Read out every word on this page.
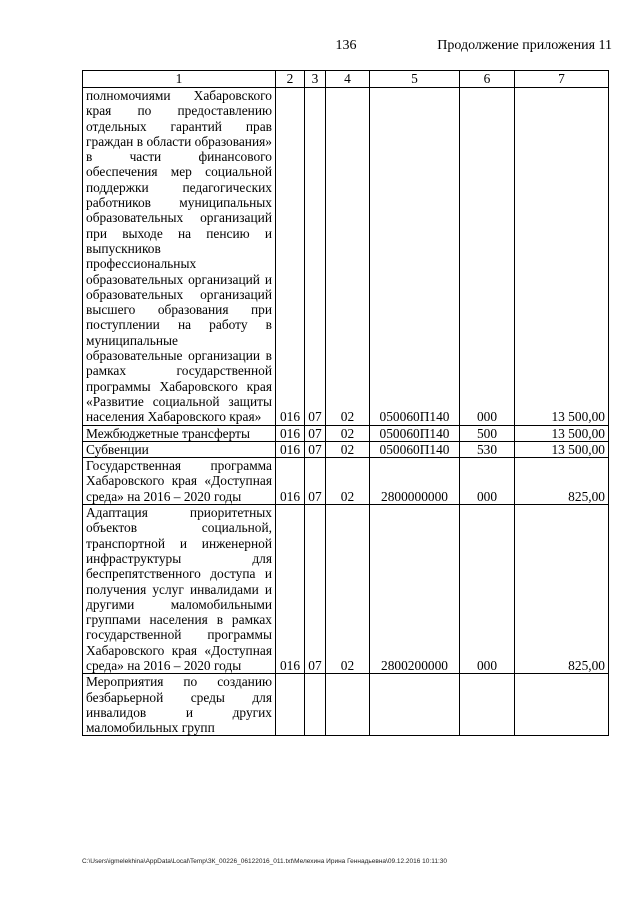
136	Продолжение приложения 11
1	2	3	4	5	6	7
полномочиями Хабаровского края по предоставлению отдельных гарантий прав граждан в области образования» в части финансового обеспечения мер социальной поддержки педагогических работников муниципальных образовательных организаций при выходе на пенсию и выпускников профессиональных образовательных организаций и образовательных организаций высшего образования при поступлении на работу в муниципальные образовательные организации в рамках государственной программы Хабаровского края «Развитие социальной защиты населения Хабаровского края»	016	07	02	050060П140	000	13 500,00
Межбюджетные трансферты	016	07	02	050060П140	500	13 500,00
Субвенции	016	07	02	050060П140	530	13 500,00
Государственная программа Хабаровского края «Доступная среда» на 2016 – 2020 годы	016	07	02	2800000000	000	825,00
Адаптация приоритетных объектов социальной, транспортной и инженерной инфраструктуры для беспрепятственного доступа и получения услуг инвалидами и другими маломобильными группами населения в рамках государственной программы Хабаровского края «Доступная среда» на 2016 – 2020 годы	016	07	02	2800200000	000	825,00
Мероприятия по созданию безбарьерной среды для инвалидов и других маломобильных групп						
C:\Users\igmelekhina\AppData\Local\Temp\ЗК_00226_06122016_011.txt\Мелехина Ирина Геннадьевна\09.12.2016 10:11:30
